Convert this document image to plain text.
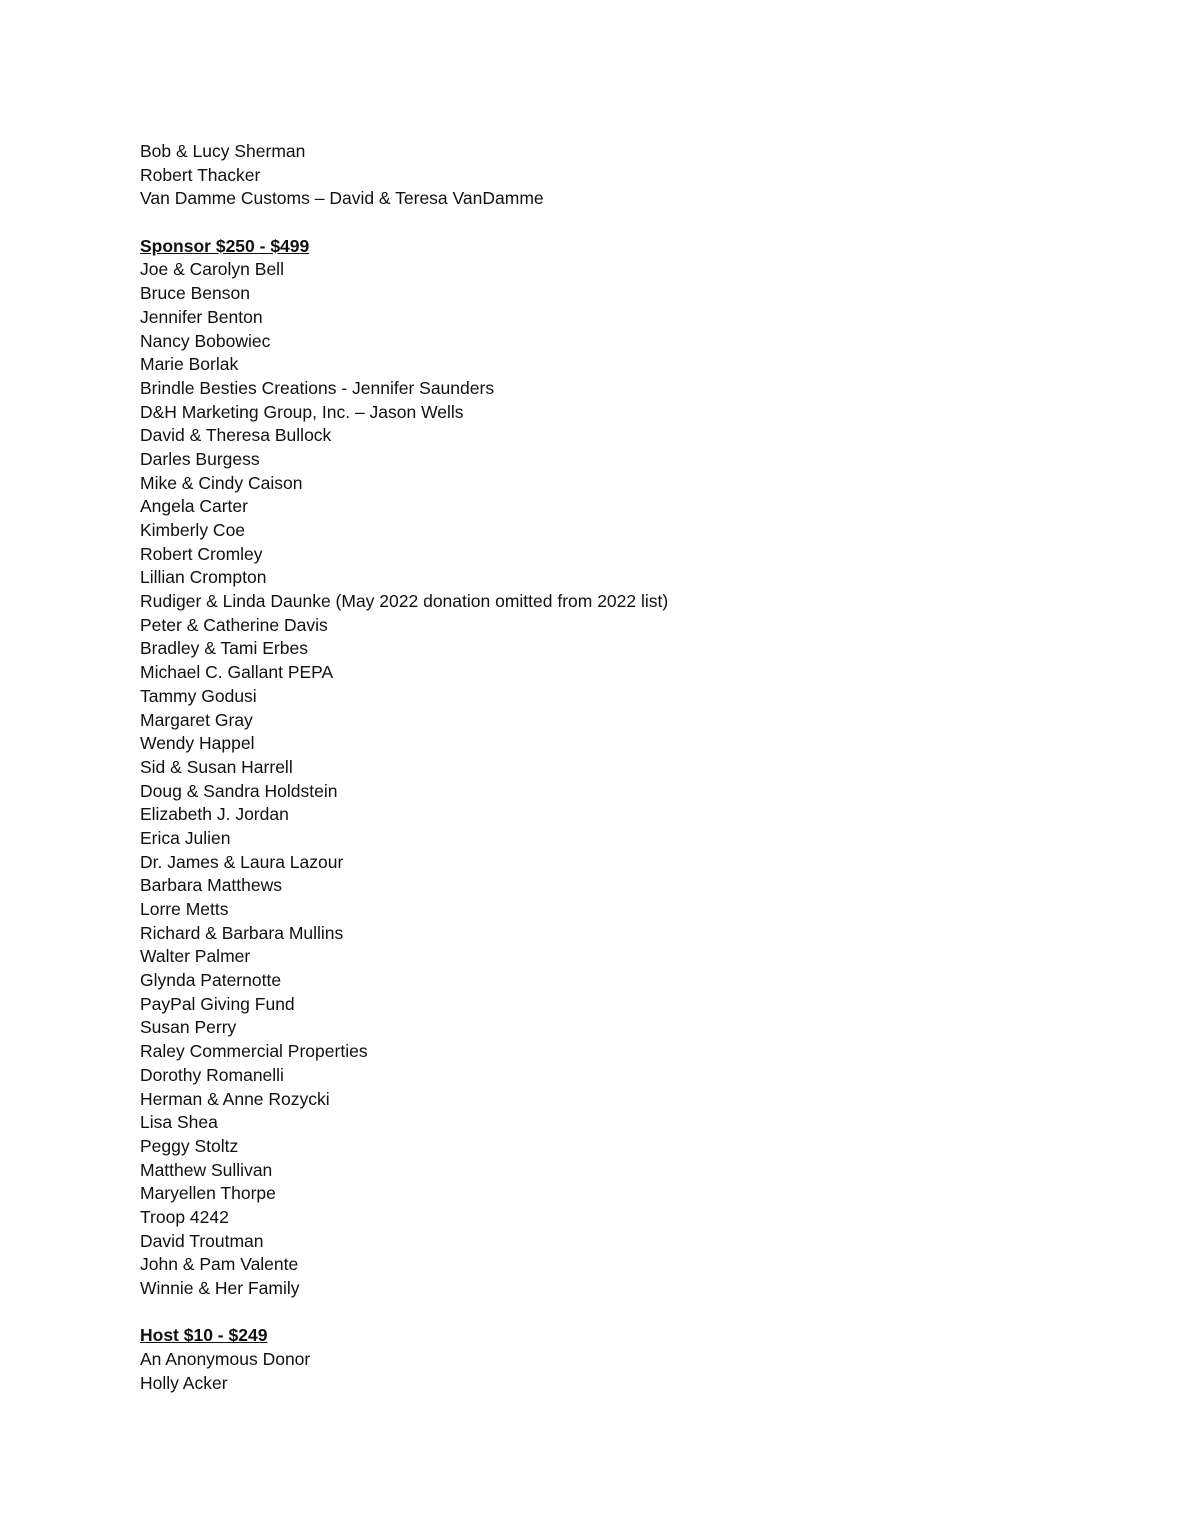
Bob & Lucy Sherman
Robert Thacker
Van Damme Customs – David & Teresa VanDamme
Sponsor $250 - $499
Joe & Carolyn Bell
Bruce Benson
Jennifer Benton
Nancy Bobowiec
Marie Borlak
Brindle Besties Creations - Jennifer Saunders
D&H Marketing Group, Inc. – Jason Wells
David & Theresa Bullock
Darles Burgess
Mike & Cindy Caison
Angela Carter
Kimberly Coe
Robert Cromley
Lillian Crompton
Rudiger & Linda Daunke (May 2022 donation omitted from 2022 list)
Peter & Catherine Davis
Bradley & Tami Erbes
Michael C. Gallant PEPA
Tammy Godusi
Margaret Gray
Wendy Happel
Sid & Susan Harrell
Doug & Sandra Holdstein
Elizabeth J. Jordan
Erica Julien
Dr. James & Laura Lazour
Barbara Matthews
Lorre Metts
Richard & Barbara Mullins
Walter Palmer
Glynda Paternotte
PayPal Giving Fund
Susan Perry
Raley Commercial Properties
Dorothy Romanelli
Herman & Anne Rozycki
Lisa Shea
Peggy Stoltz
Matthew Sullivan
Maryellen Thorpe
Troop 4242
David Troutman
John & Pam Valente
Winnie & Her Family
Host $10 - $249
An Anonymous Donor
Holly Acker
